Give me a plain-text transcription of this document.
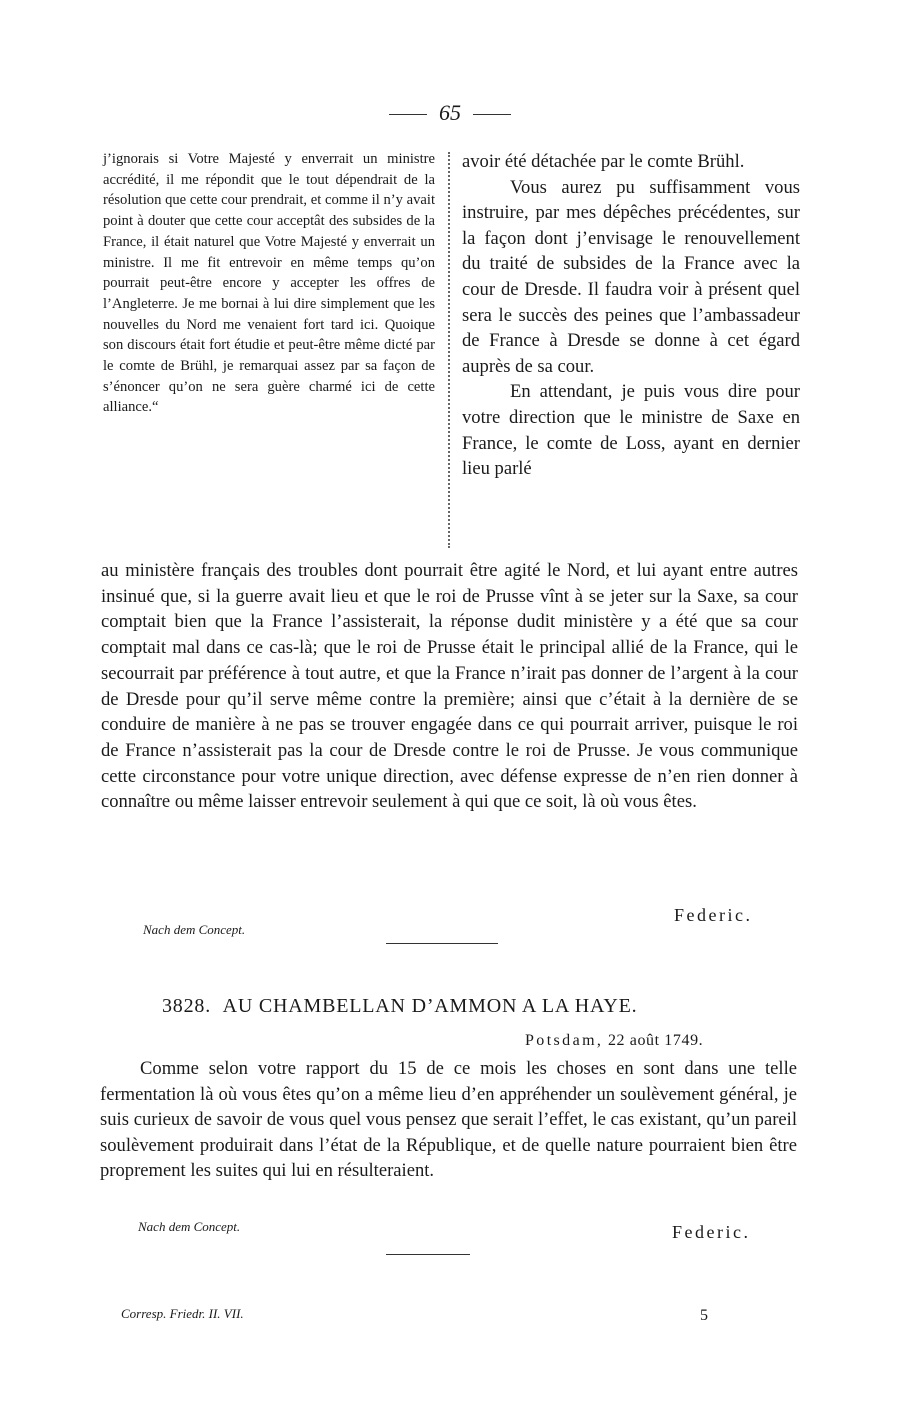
65
j’ignorais si Votre Majesté y enverrait un ministre accrédité, il me répondit que le tout dépendrait de la résolution que cette cour prendrait, et comme il n’y avait point à douter que cette cour acceptât des subsides de la France, il était naturel que Votre Majesté y enverrait un ministre. Il me fit entrevoir en même temps qu’on pourrait peut-être encore y accepter les offres de l’Angleterre. Je me bornai à lui dire simplement que les nouvelles du Nord me venaient fort tard ici. Quoique son discours était fort étudie et peut-être même dicté par le comte de Brühl, je remarquai assez par sa façon de s’énoncer qu’on ne sera guère charmé ici de cette alliance.“

avoir été détachée par le comte Brühl.

Vous aurez pu suffisamment vous instruire, par mes dépêches précédentes, sur la façon dont j’envisage le renouvellement du traité de subsides de la France avec la cour de Dresde. Il faudra voir à présent quel sera le succès des peines que l’ambassadeur de France à Dresde se donne à cet égard auprès de sa cour.

En attendant, je puis vous dire pour votre direction que le ministre de Saxe en France, le comte de Loss, ayant en dernier lieu parlé

au ministère français des troubles dont pourrait être agité le Nord, et lui ayant entre autres insinué que, si la guerre avait lieu et que le roi de Prusse vînt à se jeter sur la Saxe, sa cour comptait bien que la France l’assisterait, la réponse dudit ministère y a été que sa cour comptait mal dans ce cas-là; que le roi de Prusse était le principal allié de la France, qui le secourrait par préférence à tout autre, et que la France n’irait pas donner de l’argent à la cour de Dresde pour qu’il serve même contre la première; ainsi que c’était à la dernière de se conduire de manière à ne pas se trouver engagée dans ce qui pourrait arriver, puisque le roi de France n’assisterait pas la cour de Dresde contre le roi de Prusse. Je vous communique cette circonstance pour votre unique direction, avec défense expresse de n’en rien donner à connaître ou même laisser entrevoir seulement à qui que ce soit, là où vous êtes.
Federic.
Nach dem Concept.
3828. AU CHAMBELLAN D’AMMON A LA HAYE.
Potsdam, 22 août 1749.
Comme selon votre rapport du 15 de ce mois les choses en sont dans une telle fermentation là où vous êtes qu’on a même lieu d’en appréhender un soulèvement général, je suis curieux de savoir de vous quel vous pensez que serait l’effet, le cas existant, qu’un pareil soulèvement produirait dans l’état de la République, et de quelle nature pourraient bien être proprement les suites qui lui en résulteraient.
Nach dem Concept.	Federic.
Corresp. Friedr. II. VII.	5
